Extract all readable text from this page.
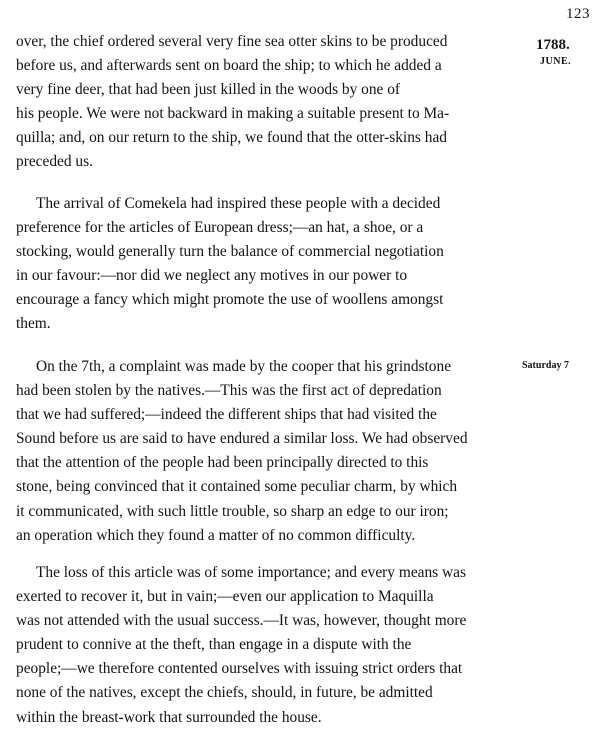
123
1788.
JUNE.
Saturday 7

over, the chief ordered several very fine sea otter skins to be produced
before us, and afterwards sent on board the ship; to which he added a
very fine deer, that had been just killed in the woods by one of
his people. We were not backward in making a suitable present to Ma-
quilla; and, on our return to the ship, we found that the otter-skins had
preceded us.

The arrival of Comekela had inspired these people with a decided
preference for the articles of European dress;—an hat, a shoe, or a
stocking, would generally turn the balance of commercial negotiation
in our favour:—nor did we neglect any motives in our power to
encourage a fancy which might promote the use of woollens amongst
them.

On the 7th, a complaint was made by the cooper that his grindstone
had been stolen by the natives.—This was the first act of depredation
that we had suffered;—indeed the different ships that had visited the
Sound before us are said to have endured a similar loss. We had observed
that the attention of the people had been principally directed to this
stone, being convinced that it contained some peculiar charm, by which
it communicated, with such little trouble, so sharp an edge to our iron;
an operation which they found a matter of no common difficulty.

The loss of this article was of some importance; and every means was
exerted to recover it, but in vain;—even our application to Maquilla
was not attended with the usual success.—It was, however, thought more
prudent to connive at the theft, than engage in a dispute with the
people;—we therefore contented ourselves with issuing strict orders that
none of the natives, except the chiefs, should, in future, be admitted
within the breast-work that surrounded the house.
